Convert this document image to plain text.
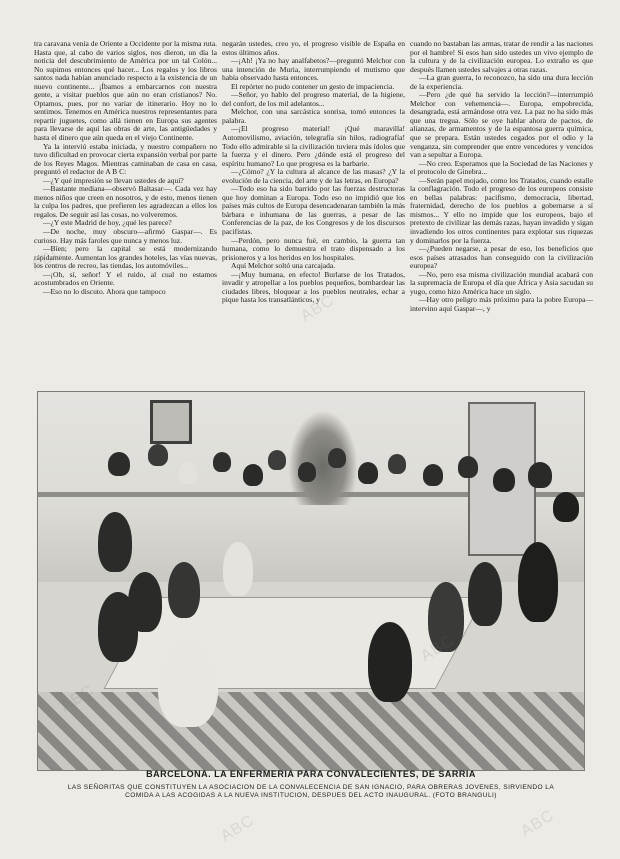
tra caravana venía de Oriente a Occidente por la misma ruta. Hasta que, al cabo de varios siglos, nos dieron, un día la noticia del descubrimiento de América por un tal Colón... No supimos entonces qué hacer... Los regalos y los libros santos nada habían anunciado respecto a la existencia de un nuevo continente... ¡Íbamos a embarcarnos con nuestra gente, a visitar pueblos que aún no eran cristianos? No. Optamos, pues, por no variar de itinerario. Hoy no lo sentimos. Tenemos en América nuestros representantes para repartir juguetes, como allá tienen en Europa sus agentes para llevarse de aquí las obras de arte, las antigüedades y hasta el dinero que aún queda en el viejo Continente.

Ya la interviú estaba iniciada, y nuestro compañero no tuvo dificultad en provocar cierta expansión verbal por parte de los Reyes Magos. Mientras caminaban de casa en casa, preguntó el redactor de A B C:

—¿Y qué impresión se llevan ustedes de aquí?

—Bastante mediana—observó Baltasar—. Cada vez hay menos niños que creen en nosotros, y de esto, menos tienen la culpa los padres, que prefieren les agradezcan a ellos los regalos. De seguir así las cosas, no volveremos.

—¿Y este Madrid de hoy, ¿qué les parece?

—De noche, muy obscuro—afirmó Gaspar—. Es curioso. Hay más faroles que nunca y menos luz.

—Bien; pero la capital se está modernizando rápidamente. Aumentan los grandes hoteles, las vías nuevas, los centros de recreo, las tiendas, los automóviles...

—¡Oh, sí, señor! Y el ruido, al cual no estamos acostumbrados en Oriente.

—Eso no lo discuto. Ahora que tampoco

negarán ustedes, creo yo, el progreso visible de España en estos últimos años.

—¡Ah! ¡Ya no hay analfabetos?—preguntó Melchor con una intención de Muria, interrumpiendo el mutismo que había observado hasta entonces.

El repórter no pudo contener un gesto de impaciencia.

—Señor, yo hablo del progreso material, de la higiene, del confort, de los mil adelantos...

Melchor, con una sarcástica sonrisa, tomó entonces la palabra.

—¡El progreso material! ¡Qué maravilla! Automovilismo, aviación, telegrafía sin hilos, radiografía! Todo ello admirable si la civilización tuviera más ídolos que la fuerza y el dinero. Pero ¿dónde está el progreso del espíritu humano? Lo que progresa es la barbarie.

—¿Cómo? ¿Y la cultura al alcance de las masas? ¿Y la evolución de la ciencia, del arte y de las letras, en Europa?

—Todo eso ha sido barrido por las fuerzas destructoras que hoy dominan a Europa. Todo eso no impidió que los países más cultos de Europa desencadenaran también la más bárbara e inhumana de las guerras, a pesar de las Conferencias de la paz, de los Congresos y de los discursos pacifistas.

—Perdón, pero nunca fué, en cambio, la guerra tan humana, como lo demuestra el trato dispensado a los prisioneros y a los heridos en los hospitales.

Aquí Melchor soltó una carcajada.

—¡Muy humana, en efecto! Burlarse de los Tratados, invadir y atropellar a los pueblos pequeños, bombardear las ciudades libres, bloquear a los pueblos neutrales, echar a pique hasta los transatlánticos, y

cuando no bastaban las armas, tratar de rendir a las naciones por el hambre! Si esos han sido ustedes un vivo ejemplo de la cultura y de la civilización europea. Lo extraño es que después llamen ustedes salvajes a otras razas.

—La gran guerra, lo reconozco, ha sido una dura lección de la experiencia.

—Pero ¿de qué ha servido la lección?—interrumpió Melchor con vehemencia—. Europa, empobrecida, desangrada, está armándose otra vez. La paz no ha sido más que una tregua. Sólo se oye hablar ahora de pactos, de alianzas, de armamentos y de la espantosa guerra química, que se prepara. Están ustedes cegados por el odio y la venganza, sin comprender que entre vencedores y vencidos van a sepultar a Europa.

—No creo. Esperamos que la Sociedad de las Naciones y el protocolo de Ginebra...

—Serán papel mojado, como los Tratados, cuando estalle la conflagración. Todo el progreso de los europeos consiste en bellas palabras: pacifismo, democracia, libertad, fraternidad, derecho de los pueblos a gobernarse a sí mismos... Y ello no impide que los europeos, bajo el pretexto de civilizar las demás razas, hayan invadido y sigan invadiendo los otros continentes para explotar sus riquezas y dominarlos por la fuerza.

—¿Pueden negarse, a pesar de eso, los beneficios que esos países atrasados han conseguido con la civilización europea?

—No, pero esa misma civilización mundial acabará con la supremacía de Europa el día que África y Asia sacudan su yugo, como hizo América hace un siglo.

—Hay otro peligro más próximo para la pobre Europa—intervino aquí Gaspar—, y

BARCELONA. LA ENFERMERIA PARA CONVALECIENTES, DE SARRIA
LAS SEÑORITAS QUE CONSTITUYEN LA ASOCIACION DE LA CONVALECENCIA DE SAN IGNACIO, PARA OBRERAS JOVENES, SIRVIENDO LA COMIDA A LAS ACOGIDAS A LA NUEVA INSTITUCION, DESPUES DEL ACTO INAUGURAL. (FOTO BRANGULI)
ABC
ABC
ABC
ABC
ABC	ABC
